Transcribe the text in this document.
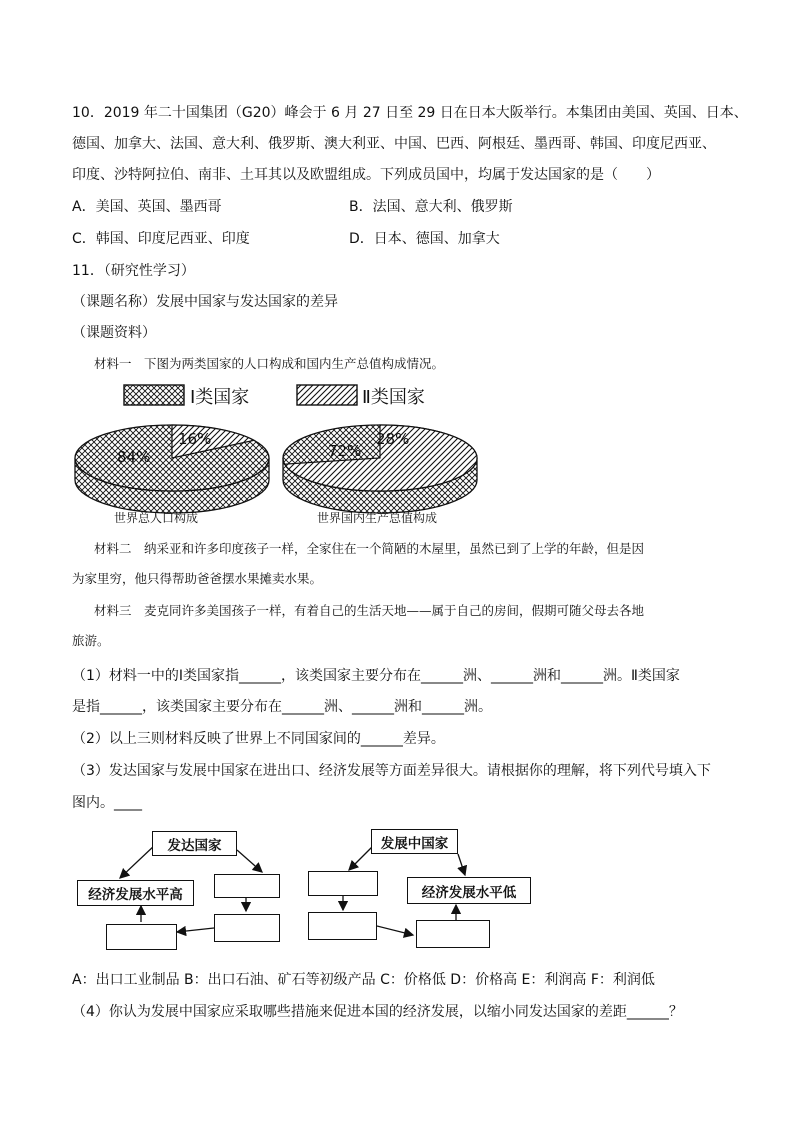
10．2019 年二十国集团（G20）峰会于 6 月 27 日至 29 日在日本大阪举行。本集团由美国、英国、日本、
德国、加拿大、法国、意大利、俄罗斯、澳大利亚、中国、巴西、阿根廷、墨西哥、韩国、印度尼西亚、
印度、沙特阿拉伯、南非、土耳其以及欧盟组成。下列成员国中，均属于发达国家的是（　　）
A．美国、英国、墨西哥	B．法国、意大利、俄罗斯
C．韩国、印度尼西亚、印度	D．日本、德国、加拿大
11．（研究性学习）
（课题名称）发展中国家与发达国家的差异
（课题资料）
材料一　下图为两类国家的人口构成和国内生产总值构成情况。
Ⅰ类国家	Ⅱ类国家
16%
84%
28%
72%
世界总人口构成	世界国内生产总值构成
材料二　纳采亚和许多印度孩子一样，全家住在一个简陋的木屋里，虽然已到了上学的年龄，但是因
为家里穷，他只得帮助爸爸摆水果摊卖水果。
材料三　麦克同许多美国孩子一样，有着自己的生活天地——属于自己的房间，假期可随父母去各地
旅游。
（1）材料一中的Ⅰ类国家指______，该类国家主要分布在______洲、______洲和______洲。Ⅱ类国家
是指______，该类国家主要分布在______洲、______洲和______洲。
（2）以上三则材料反映了世界上不同国家间的______差异。
（3）发达国家与发展中国家在进出口、经济发展等方面差异很大。请根据你的理解，将下列代号填入下
图内。____
发达国家
经济发展水平高
发展中国家
经济发展水平低
A：出口工业制品 B：出口石油、矿石等初级产品 C：价格低 D：价格高 E：利润高 F：利润低
（4）你认为发展中国家应采取哪些措施来促进本国的经济发展，以缩小同发达国家的差距______？
